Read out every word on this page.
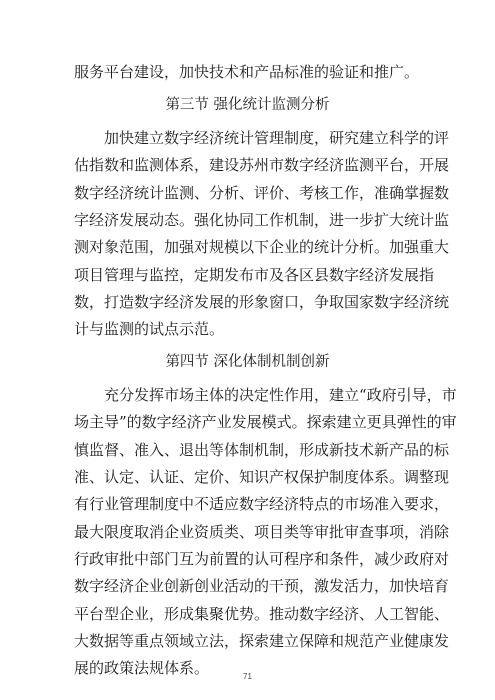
服务平台建设，加快技术和产品标准的验证和推广。
第三节 强化统计监测分析
加快建立数字经济统计管理制度，研究建立科学的评
估指数和监测体系，建设苏州市数字经济监测平台，开展
数字经济统计监测、分析、评价、考核工作，准确掌握数
字经济发展动态。强化协同工作机制，进一步扩大统计监
测对象范围，加强对规模以下企业的统计分析。加强重大
项目管理与监控，定期发布市及各区县数字经济发展指
数，打造数字经济发展的形象窗口，争取国家数字经济统
计与监测的试点示范。
第四节 深化体制机制创新
充分发挥市场主体的决定性作用，建立“政府引导，市
场主导”的数字经济产业发展模式。探索建立更具弹性的审
慎监督、准入、退出等体制机制，形成新技术新产品的标
准、认定、认证、定价、知识产权保护制度体系。调整现
有行业管理制度中不适应数字经济特点的市场准入要求，
最大限度取消企业资质类、项目类等审批审查事项，消除
行政审批中部门互为前置的认可程序和条件，减少政府对
数字经济企业创新创业活动的干预，激发活力，加快培育
平台型企业，形成集聚优势。推动数字经济、人工智能、
大数据等重点领域立法，探索建立保障和规范产业健康发
展的政策法规体系。	71
